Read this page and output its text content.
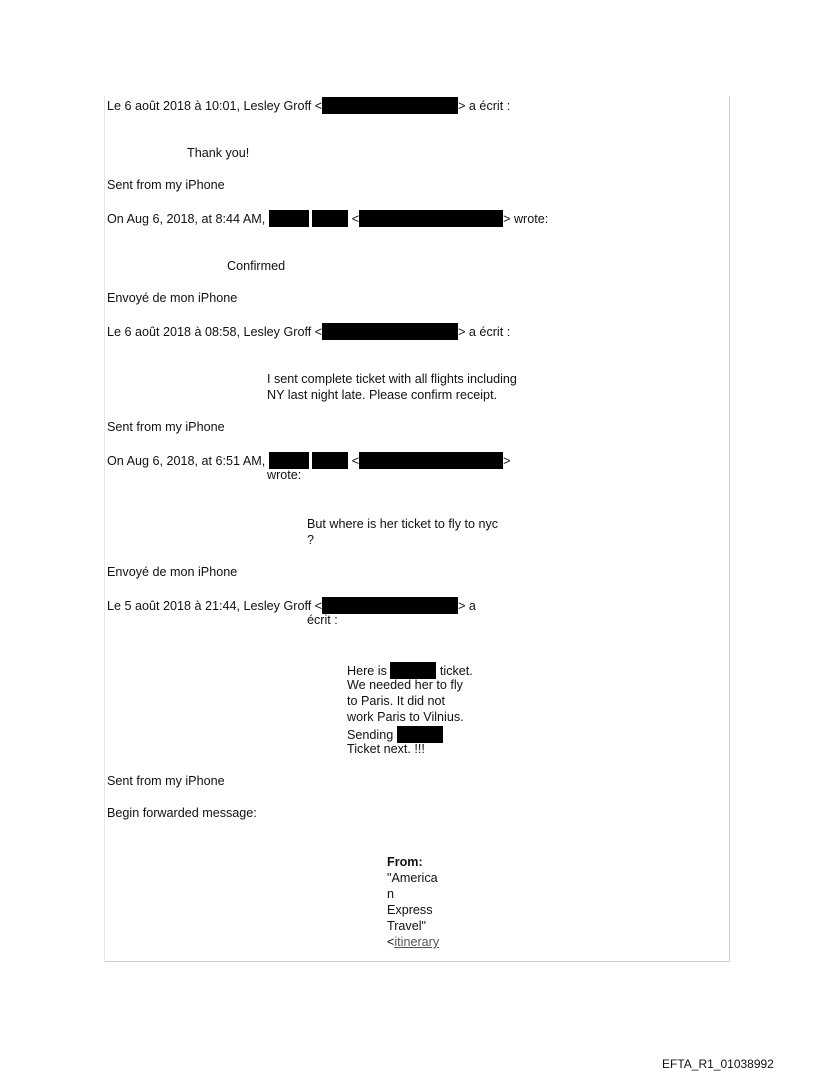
Le 6 août 2018 à 10:01, Lesley Groff <	> a écrit :
Thank you!
Sent from my iPhone
On Aug 6, 2018, at 8:44 AM,	<	> wrote:
Confirmed
Envoyé de mon iPhone
Le 6 août 2018 à 08:58, Lesley Groff <	> a écrit :
I sent complete ticket with all flights including
NY last night late. Please confirm receipt.
Sent from my iPhone
On Aug 6, 2018, at 6:51 AM,	<	>
wrote:
But where is her ticket to fly to nyc
?
Envoyé de mon iPhone
Le 5 août 2018 à 21:44, Lesley Groff <	> a
écrit :
Here is	ticket.
We needed her to fly
to Paris. It did not
work Paris to Vilnius.
Sending
Ticket next. !!!
Sent from my iPhone
Begin forwarded message:
From:
"America
n
Express
Travel"
<itinerary
EFTA_R1_01038992
